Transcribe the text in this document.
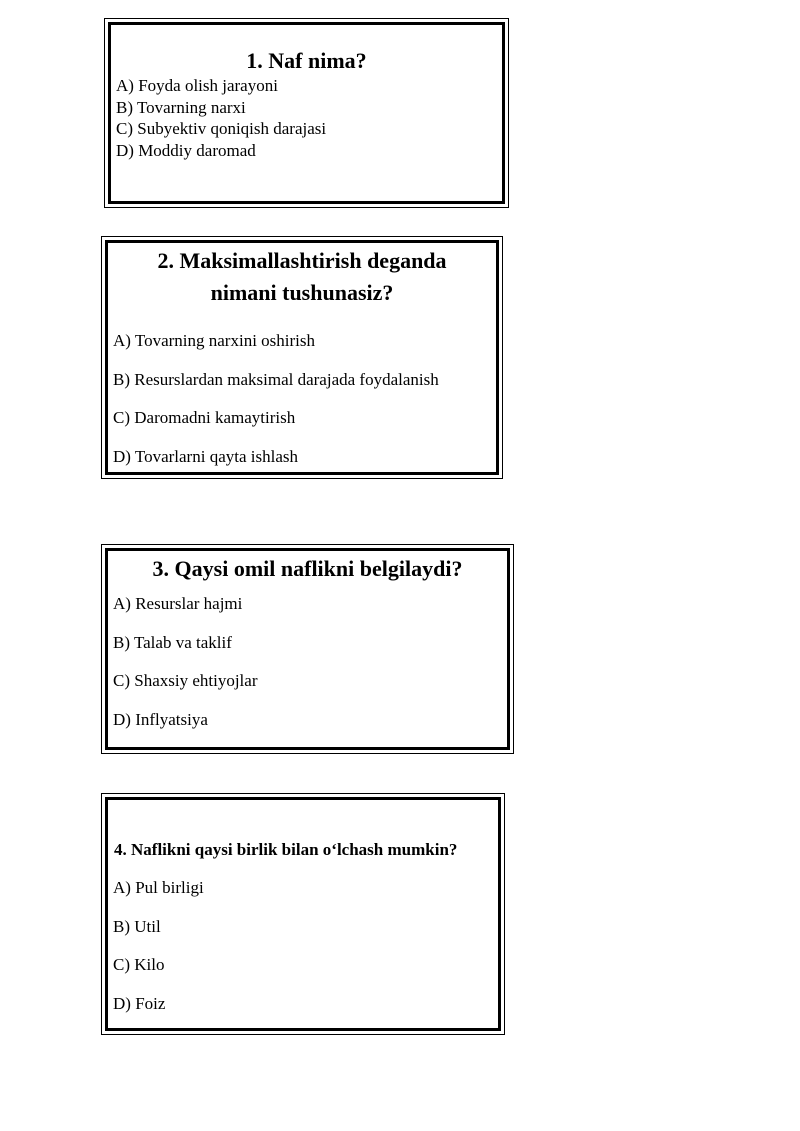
1. Naf nima?

A) Foyda olish jarayoni

B) Tovarning narxi

C) Subyektiv qoniqish darajasi

D) Moddiy daromad

2. Maksimallashtirish deganda
nimani tushunasiz?

A) Tovarning narxini oshirish

B) Resurslardan maksimal darajada foydalanish

C) Daromadni kamaytirish

D) Tovarlarni qayta ishlash

3. Qaysi omil naflikni belgilaydi?

A) Resurslar hajmi

B) Talab va taklif

C) Shaxsiy ehtiyojlar

D) Inflyatsiya

4. Naflikni qaysi birlik bilan o‘lchash mumkin?

A) Pul birligi

B) Util

C) Kilo

D) Foiz
